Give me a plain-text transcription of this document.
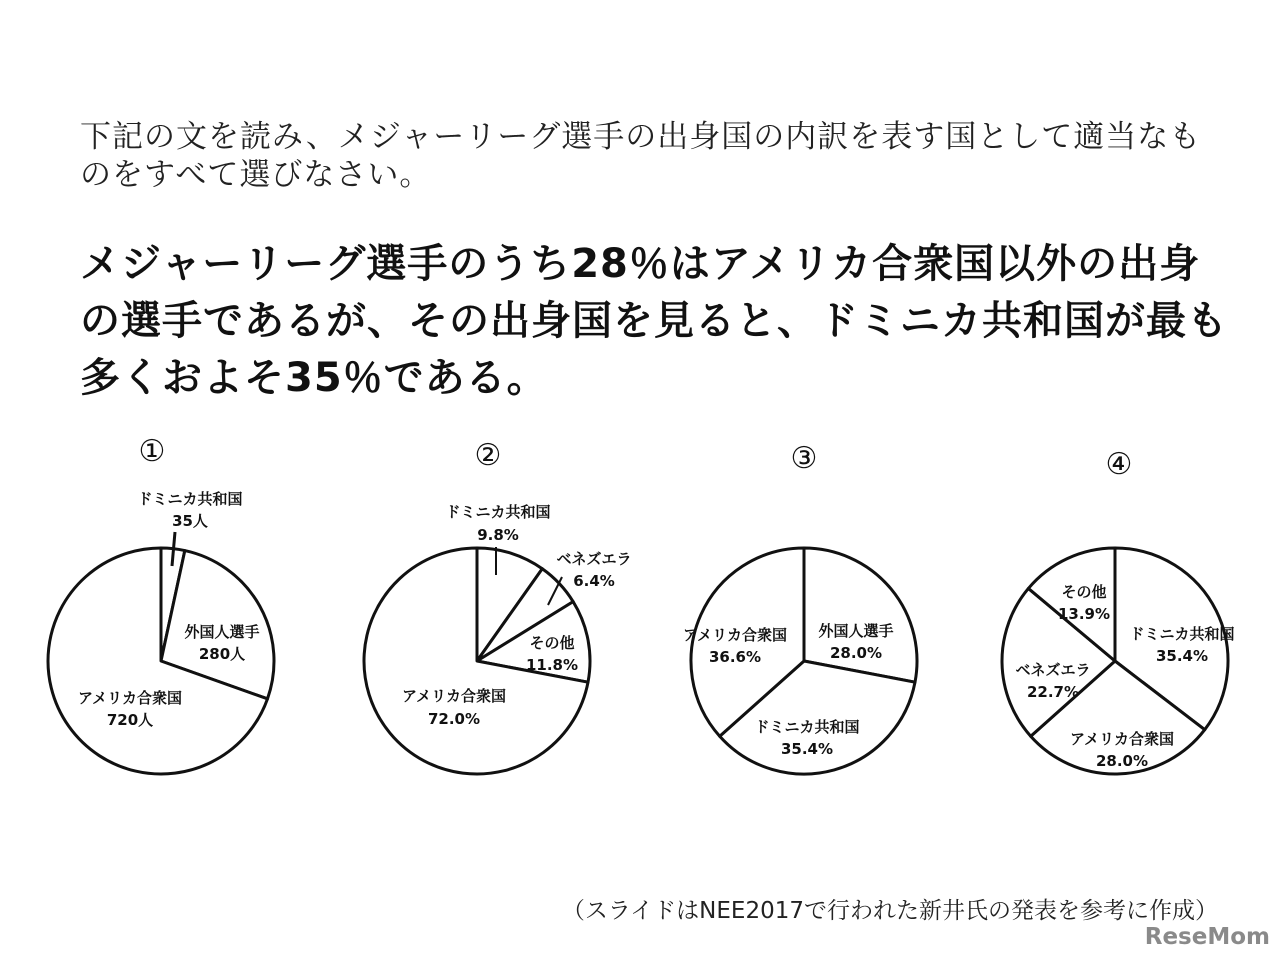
下記の文を読み、メジャーリーグ選手の出身国の内訳を表す国として適当なものをすべて選びなさい。
メジャーリーグ選手のうち28％はアメリカ合衆国以外の出身の選手であるが、その出身国を見ると、ドミニカ共和国が最も多くおよそ35％である。
①
ドミニカ共和国
35人
外国人選手
280人
アメリカ合衆国
720人
②
ドミニカ共和国
9.8%
ベネズエラ
6.4%
その他
11.8%
アメリカ合衆国
72.0%
③
外国人選手
28.0%
ドミニカ共和国
35.4%
アメリカ合衆国
36.6%
④
ドミニカ共和国
35.4%
アメリカ合衆国
28.0%
ベネズエラ
22.7%
その他
13.9%
（スライドはNEE2017で行われた新井氏の発表を参考に作成）
ReseMom
